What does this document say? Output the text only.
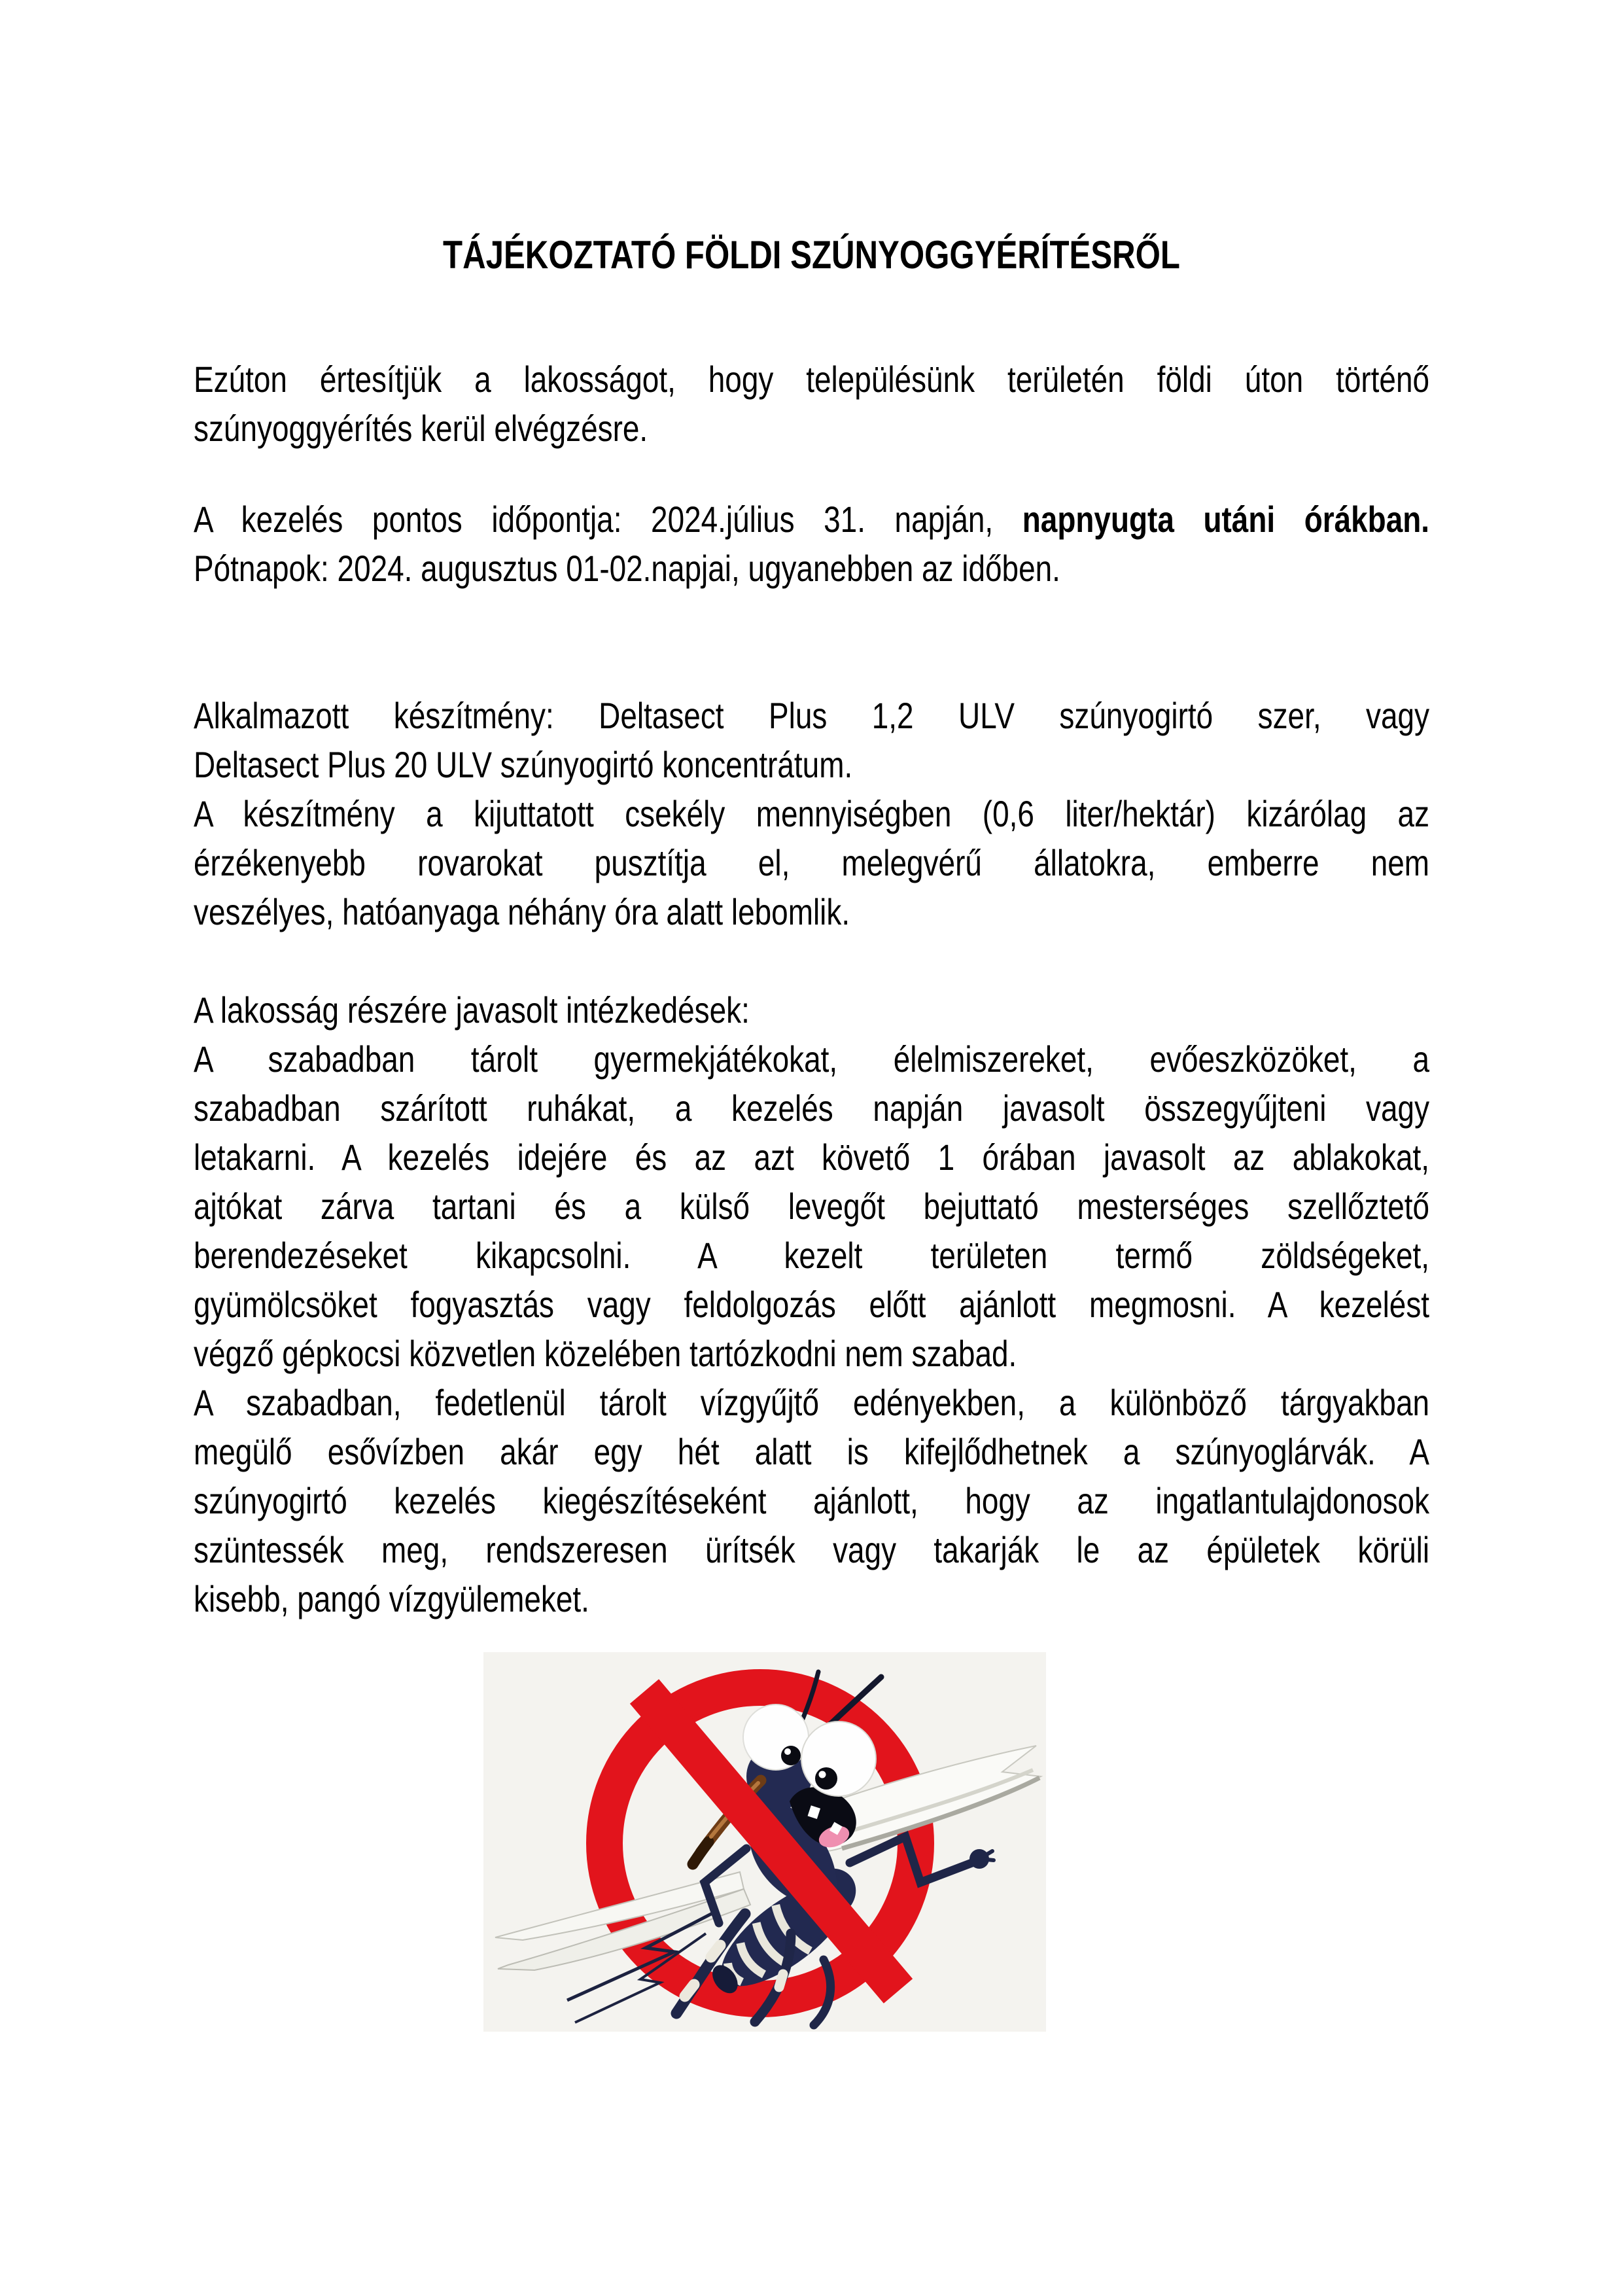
TÁJÉKOZTATÓ FÖLDI SZÚNYOGGYÉRÍTÉSRŐL
Ezúton értesítjük a lakosságot, hogy településünk területén földi úton történő
szúnyoggyérítés kerül elvégzésre.
A kezelés pontos időpontja: 2024.július 31. napján, napnyugta utáni órákban.
Pótnapok: 2024. augusztus 01-02.napjai, ugyanebben az időben.
Alkalmazott készítmény: Deltasect Plus 1,2 ULV szúnyogirtó szer, vagy
Deltasect Plus 20 ULV szúnyogirtó koncentrátum.
A készítmény a kijuttatott csekély mennyiségben (0,6 liter/hektár) kizárólag az
érzékenyebb rovarokat pusztítja el, melegvérű állatokra, emberre nem
veszélyes, hatóanyaga néhány óra alatt lebomlik.
A lakosság részére javasolt intézkedések:
A szabadban tárolt gyermekjátékokat, élelmiszereket, evőeszközöket, a
szabadban szárított ruhákat, a kezelés napján javasolt összegyűjteni vagy
letakarni. A kezelés idejére és az azt követő 1 órában javasolt az ablakokat,
ajtókat zárva tartani és a külső levegőt bejuttató mesterséges szellőztető
berendezéseket kikapcsolni. A kezelt területen termő zöldségeket,
gyümölcsöket fogyasztás vagy feldolgozás előtt ajánlott megmosni. A kezelést
végző gépkocsi közvetlen közelében tartózkodni nem szabad.
A szabadban, fedetlenül tárolt vízgyűjtő edényekben, a különböző tárgyakban
megülő esővízben akár egy hét alatt is kifejlődhetnek a szúnyoglárvák. A
szúnyogirtó kezelés kiegészítéseként ajánlott, hogy az ingatlantulajdonosok
szüntessék meg, rendszeresen ürítsék vagy takarják le az épületek körüli
kisebb, pangó vízgyülemeket.
